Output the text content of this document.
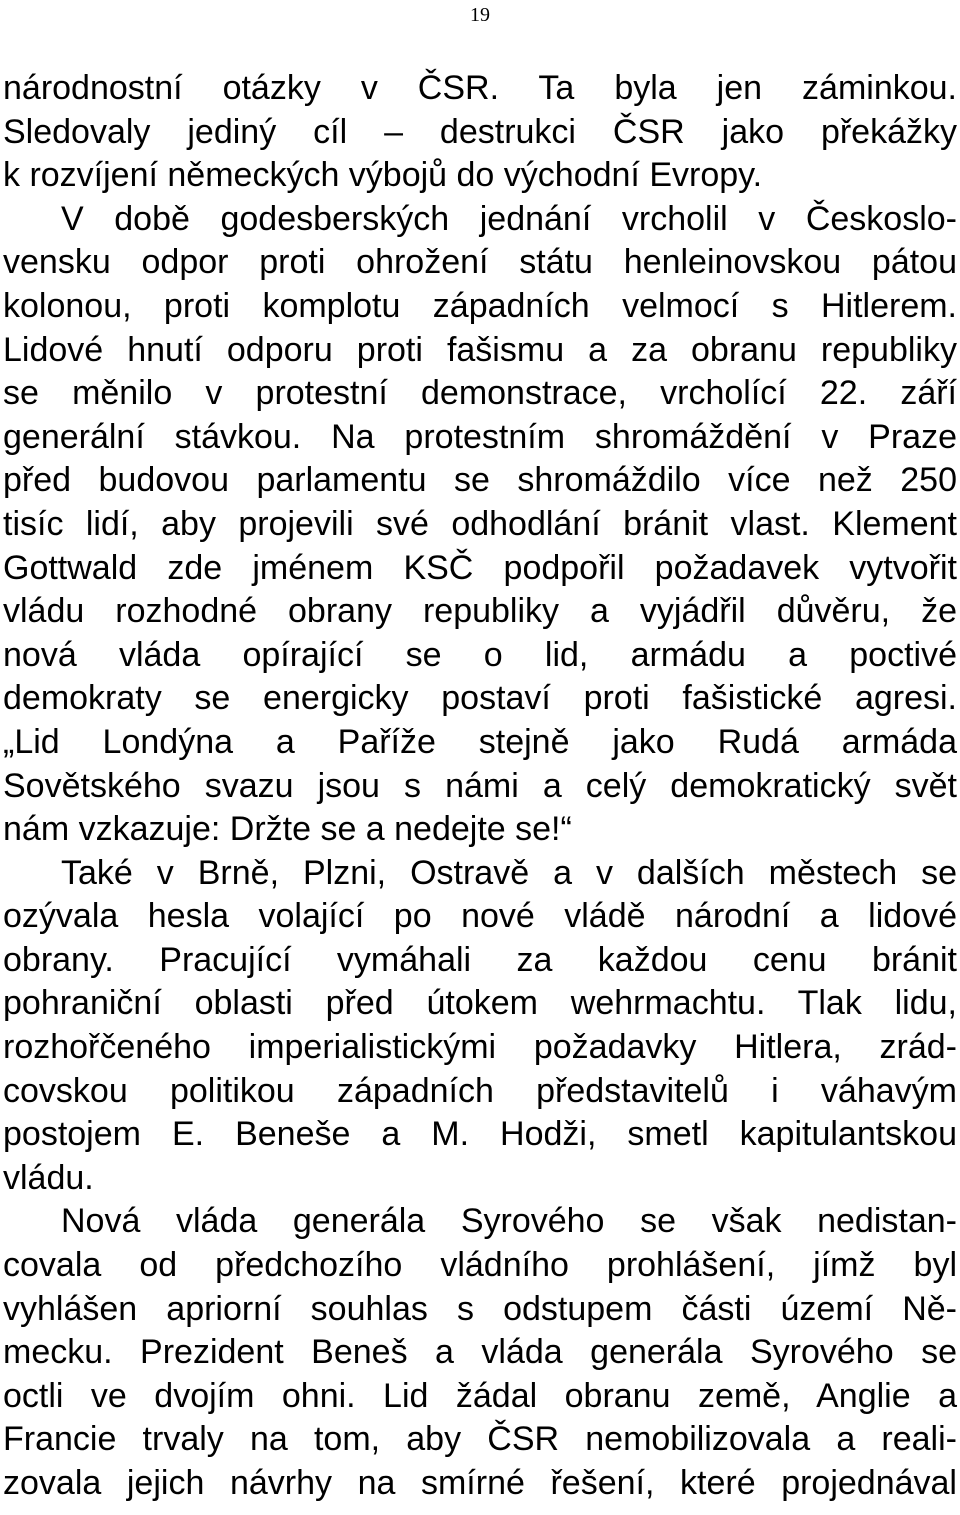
19
národnostní otázky v ČSR. Ta byla jen záminkou.
Sledovaly jediný cíl – destrukci ČSR jako překážky
k rozvíjení německých výbojů do východní Evropy.
V době godesberských jednání vrcholil v Českoslo-
vensku odpor proti ohrožení státu henleinovskou pátou
kolonou, proti komplotu západních velmocí s Hitlerem.
Lidové hnutí odporu proti fašismu a za obranu republiky
se měnilo v protestní demonstrace, vrcholící 22. září
generální stávkou. Na protestním shromáždění v Praze
před budovou parlamentu se shromáždilo více než 250
tisíc lidí, aby projevili své odhodlání bránit vlast. Klement
Gottwald zde jménem KSČ podpořil požadavek vytvořit
vládu rozhodné obrany republiky a vyjádřil důvěru, že
nová vláda opírající se o lid, armádu a poctivé
demokraty se energicky postaví proti fašistické agresi.
„Lid Londýna a Paříže stejně jako Rudá armáda
Sovětského svazu jsou s námi a celý demokratický svět
nám vzkazuje: Držte se a nedejte se!“
Také v Brně, Plzni, Ostravě a v dalších městech se
ozývala hesla volající po nové vládě národní a lidové
obrany. Pracující vymáhali za každou cenu bránit
pohraniční oblasti před útokem wehrmachtu. Tlak lidu,
rozhořčeného imperialistickými požadavky Hitlera, zrád-
covskou politikou západních představitelů i váhavým
postojem E. Beneše a M. Hodži, smetl kapitulantskou
vládu.
Nová vláda generála Syrového se však nedistan-
covala od předchozího vládního prohlášení, jímž byl
vyhlášen apriorní souhlas s odstupem části území Ně-
mecku. Prezident Beneš a vláda generála Syrového se
octli ve dvojím ohni. Lid žádal obranu země, Anglie a
Francie trvaly na tom, aby ČSR nemobilizovala a reali-
zovala jejich návrhy na smírné řešení, které projednával
